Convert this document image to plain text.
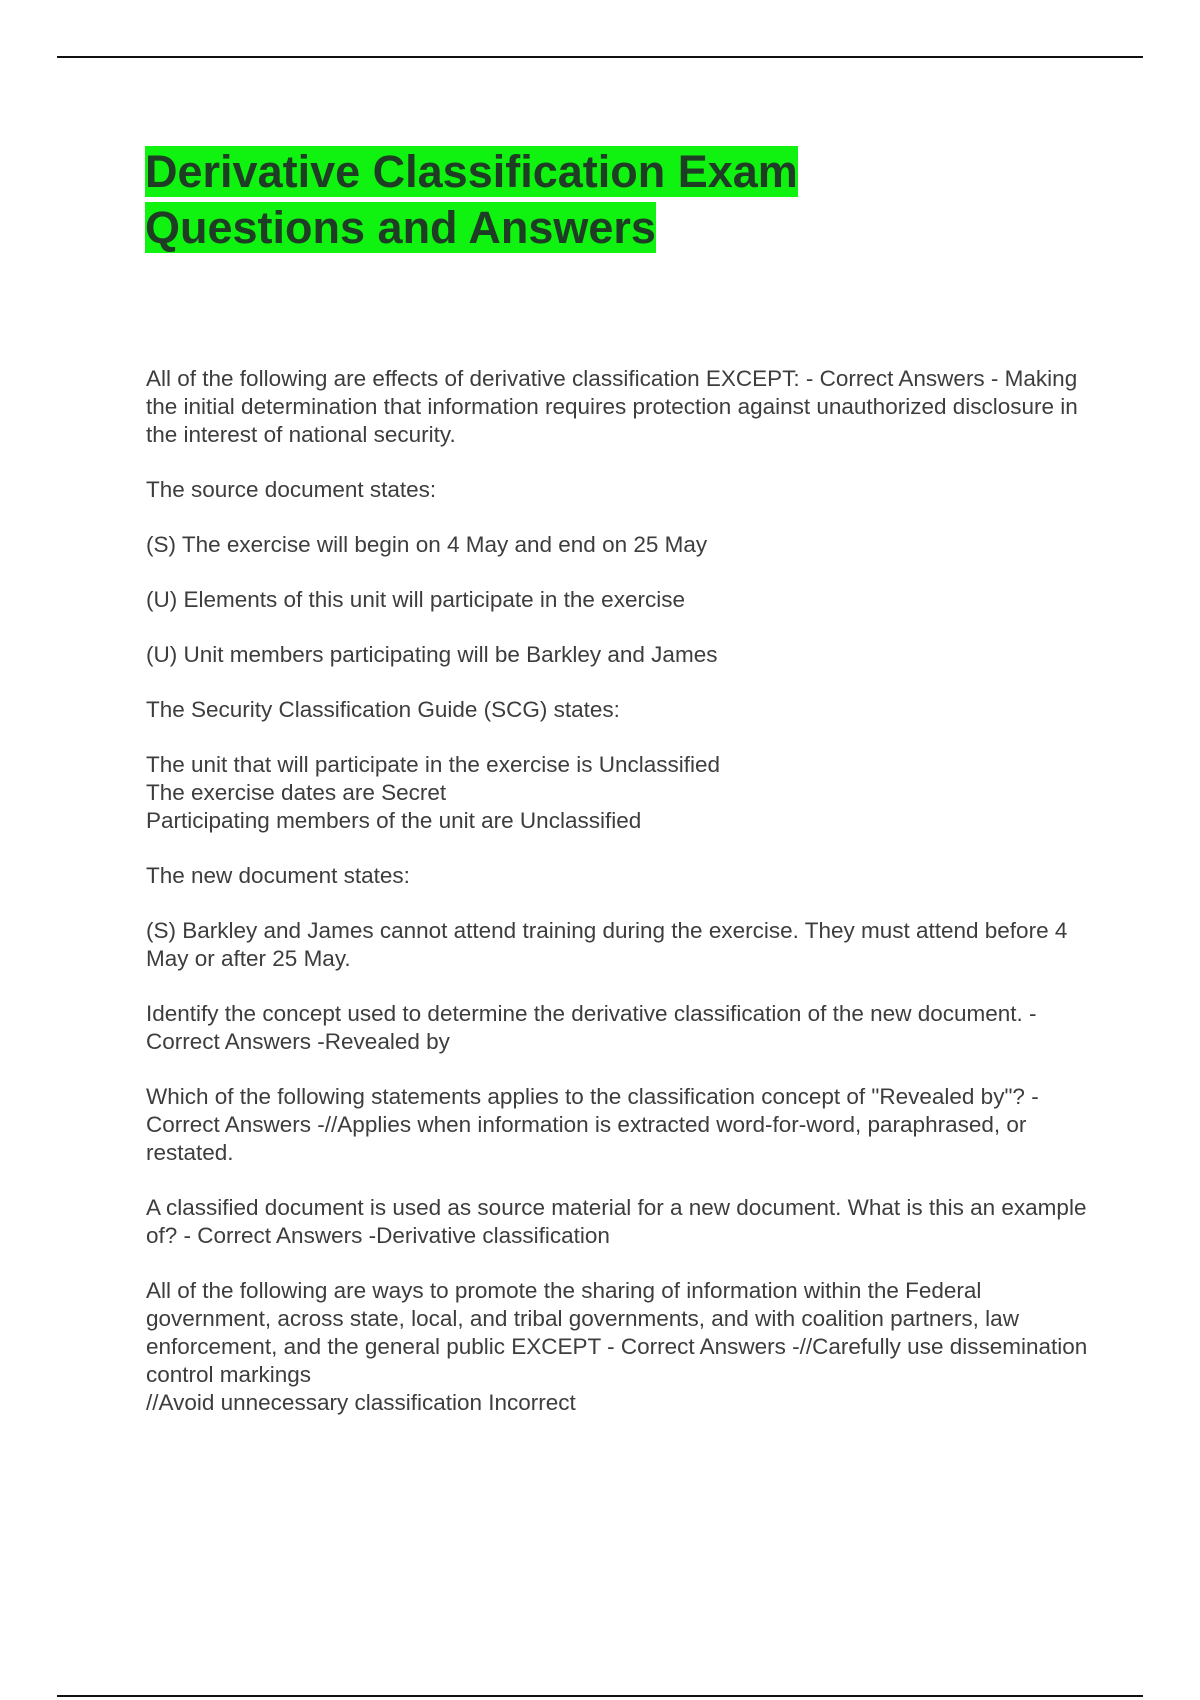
Derivative Classification Exam
Questions and Answers

All of the following are effects of derivative classification EXCEPT: - Correct Answers - Making the initial determination that information requires protection against unauthorized disclosure in the interest of national security.

The source document states:

(S) The exercise will begin on 4 May and end on 25 May

(U) Elements of this unit will participate in the exercise

(U) Unit members participating will be Barkley and James

The Security Classification Guide (SCG) states:

The unit that will participate in the exercise is Unclassified
The exercise dates are Secret
Participating members of the unit are Unclassified

The new document states:

(S) Barkley and James cannot attend training during the exercise. They must attend before 4 May or after 25 May.

Identify the concept used to determine the derivative classification of the new document. - Correct Answers -Revealed by

Which of the following statements applies to the classification concept of "Revealed by"? - Correct Answers -//Applies when information is extracted word-for-word, paraphrased, or restated.

A classified document is used as source material for a new document. What is this an example of? - Correct Answers -Derivative classification

All of the following are ways to promote the sharing of information within the Federal government, across state, local, and tribal governments, and with coalition partners, law enforcement, and the general public EXCEPT - Correct Answers -//Carefully use dissemination control markings
//Avoid unnecessary classification Incorrect
